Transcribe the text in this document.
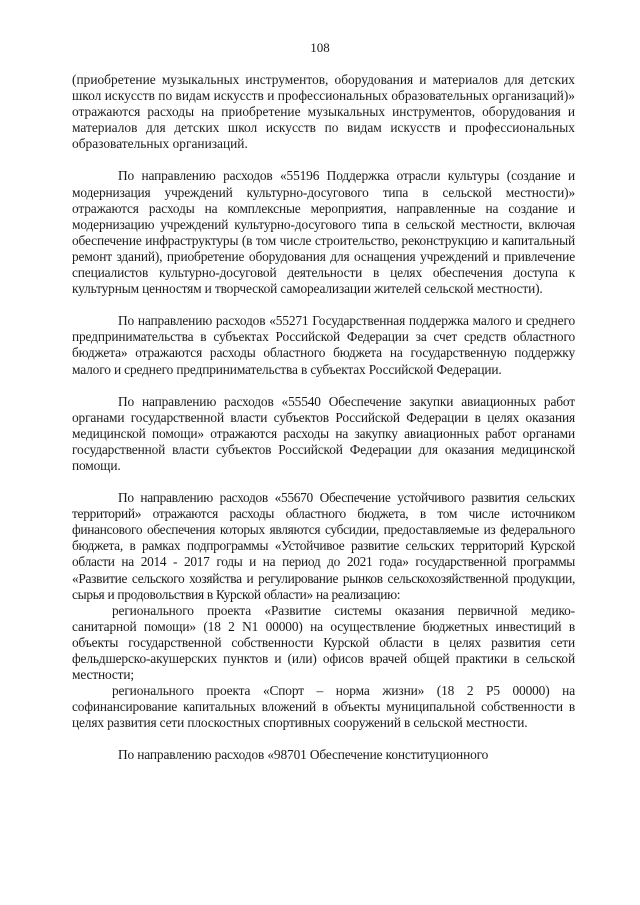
108

(приобретение музыкальных инструментов, оборудования и материалов для детских школ искусств по видам искусств и профессиональных образовательных организаций)» отражаются расходы на приобретение музыкальных инструментов, оборудования и материалов для детских школ искусств по видам искусств и профессиональных образовательных организаций.

По направлению расходов «55196 Поддержка отрасли культуры (создание и модернизация учреждений культурно-досугового типа в сельской местности)» отражаются расходы на комплексные мероприятия, направленные на создание и модернизацию учреждений культурно-досугового типа в сельской местности, включая обеспечение инфраструктуры (в том числе строительство, реконструкцию и капитальный ремонт зданий), приобретение оборудования для оснащения учреждений и привлечение специалистов культурно-досуговой деятельности в целях обеспечения доступа к культурным ценностям и творческой самореализации жителей сельской местности).

По направлению расходов «55271 Государственная поддержка малого и среднего предпринимательства в субъектах Российской Федерации за счет средств областного бюджета» отражаются расходы областного бюджета на государственную поддержку малого и среднего предпринимательства в субъектах Российской Федерации.

По направлению расходов «55540 Обеспечение закупки авиационных работ органами государственной власти субъектов Российской Федерации в целях оказания медицинской помощи» отражаются расходы на закупку авиационных работ органами государственной власти субъектов Российской Федерации для оказания медицинской помощи.

По направлению расходов «55670 Обеспечение устойчивого развития сельских территорий» отражаются расходы областного бюджета, в том числе источником финансового обеспечения которых являются субсидии, предоставляемые из федерального бюджета, в рамках подпрограммы «Устойчивое развитие сельских территорий Курской области на 2014 - 2017 годы и на период до 2021 года» государственной программы «Развитие сельского хозяйства и регулирование рынков сельскохозяйственной продукции, сырья и продовольствия в Курской области» на реализацию:

регионального проекта «Развитие системы оказания первичной медико-санитарной помощи» (18 2 N1 00000) на осуществление бюджетных инвестиций в объекты государственной собственности Курской области в целях развития сети фельдшерско-акушерских пунктов и (или) офисов врачей общей практики в сельской местности;

регионального проекта «Спорт – норма жизни» (18 2 P5 00000) на софинансирование капитальных вложений в объекты муниципальной собственности в целях развития сети плоскостных спортивных сооружений в сельской местности.

По направлению расходов «98701 Обеспечение конституционного
